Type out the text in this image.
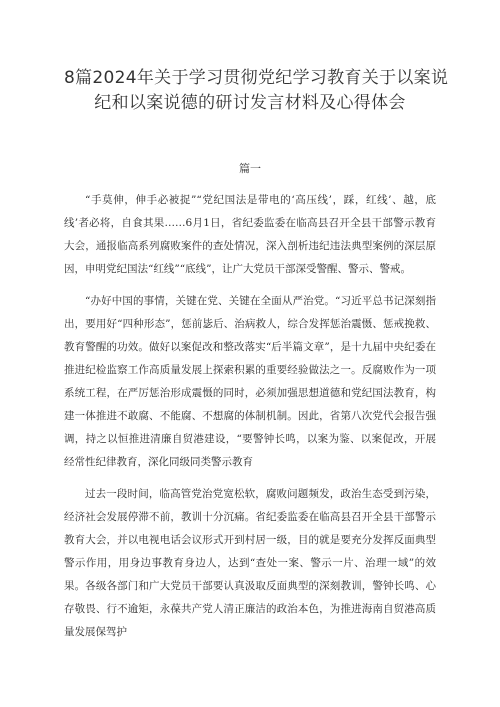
8篇2024年关于学习贯彻党纪学习教育关于以案说
纪和以案说德的研讨发言材料及心得体会
篇一

“手莫伸，伸手必被捉”“党纪国法是带电的‘高压线’，踩，红线’、越，底线’者必将，自食其果……6月1日，省纪委监委在临高县召开全县干部警示教育大会，通报临高系列腐败案件的查处情况，深入剖析违纪违法典型案例的深层原因，申明党纪国法“红线”“底线”，让广大党员干部深受警醒、警示、警戒。

“办好中国的事情，关键在党、关键在全面从严治党。“习近平总书记深刻指出，要用好“四种形态”，惩前毖后、治病救人，综合发挥惩治震慑、惩戒挽救、教育警醒的功效。做好以案促改和整改落实“后半篇文章”，是十九届中央纪委在推进纪检监察工作高质量发展上探索积累的重要经验做法之一。反腐败作为一项系统工程，在严厉惩治形成震慑的同时，必须加强思想道德和党纪国法教育，构建一体推进不敢腐、不能腐、不想腐的体制机制。因此，省第八次党代会报告强调，持之以恒推进清廉自贸港建设，“要警钟长鸣，以案为鉴、以案促改，开展经常性纪律教育，深化同级同类警示教育

过去一段时间，临高管党治党宽松软，腐败问题频发，政治生态受到污染，经济社会发展停滞不前，教训十分沉痛。省纪委监委在临高县召开全县干部警示教育大会，并以电视电话会议形式开到村居一级，目的就是要充分发挥反面典型警示作用，用身边事教育身边人，达到“查处一案、警示一片、治理一域”的效果。各级各部门和广大党员干部要认真汲取反面典型的深刻教训，警钟长鸣、心存敬畏、行不逾矩，永葆共产党人清正廉洁的政治本色，为推进海南自贸港高质量发展保驾护
